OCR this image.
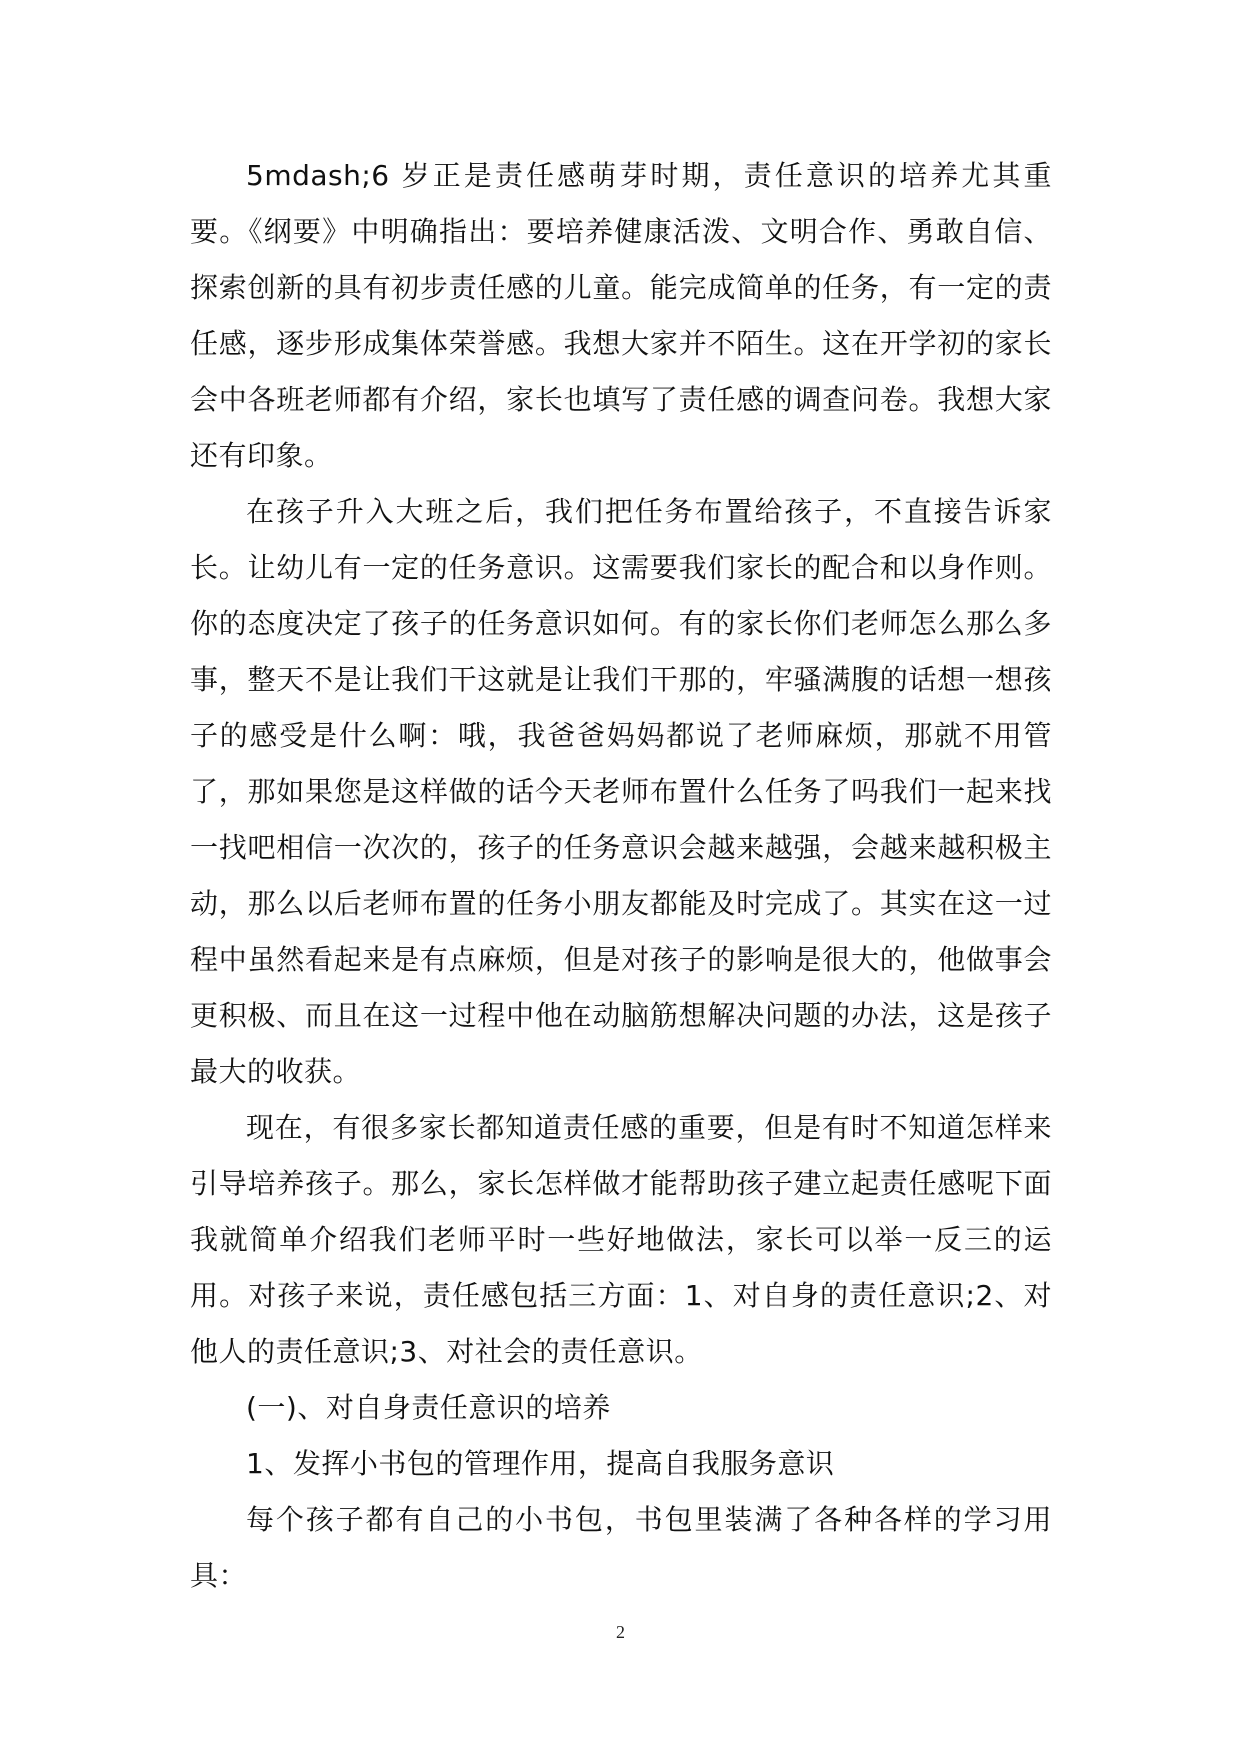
5mdash;6 岁正是责任感萌芽时期，责任意识的培养尤其重要。《纲要》中明确指出：要培养健康活泼、文明合作、勇敢自信、探索创新的具有初步责任感的儿童。能完成简单的任务，有一定的责任感，逐步形成集体荣誉感。我想大家并不陌生。这在开学初的家长会中各班老师都有介绍，家长也填写了责任感的调查问卷。我想大家还有印象。

在孩子升入大班之后，我们把任务布置给孩子，不直接告诉家长。让幼儿有一定的任务意识。这需要我们家长的配合和以身作则。你的态度决定了孩子的任务意识如何。有的家长你们老师怎么那么多事，整天不是让我们干这就是让我们干那的，牢骚满腹的话想一想孩子的感受是什么啊：哦，我爸爸妈妈都说了老师麻烦，那就不用管了，那如果您是这样做的话今天老师布置什么任务了吗我们一起来找一找吧相信一次次的，孩子的任务意识会越来越强，会越来越积极主动，那么以后老师布置的任务小朋友都能及时完成了。其实在这一过程中虽然看起来是有点麻烦，但是对孩子的影响是很大的，他做事会更积极、而且在这一过程中他在动脑筋想解决问题的办法，这是孩子最大的收获。

现在，有很多家长都知道责任感的重要，但是有时不知道怎样来引导培养孩子。那么，家长怎样做才能帮助孩子建立起责任感呢下面我就简单介绍我们老师平时一些好地做法，家长可以举一反三的运用。对孩子来说，责任感包括三方面：1、对自身的责任意识;2、对他人的责任意识;3、对社会的责任意识。

(一)、对自身责任意识的培养

1、发挥小书包的管理作用，提高自我服务意识

每个孩子都有自己的小书包，书包里装满了各种各样的学习用具：

2
